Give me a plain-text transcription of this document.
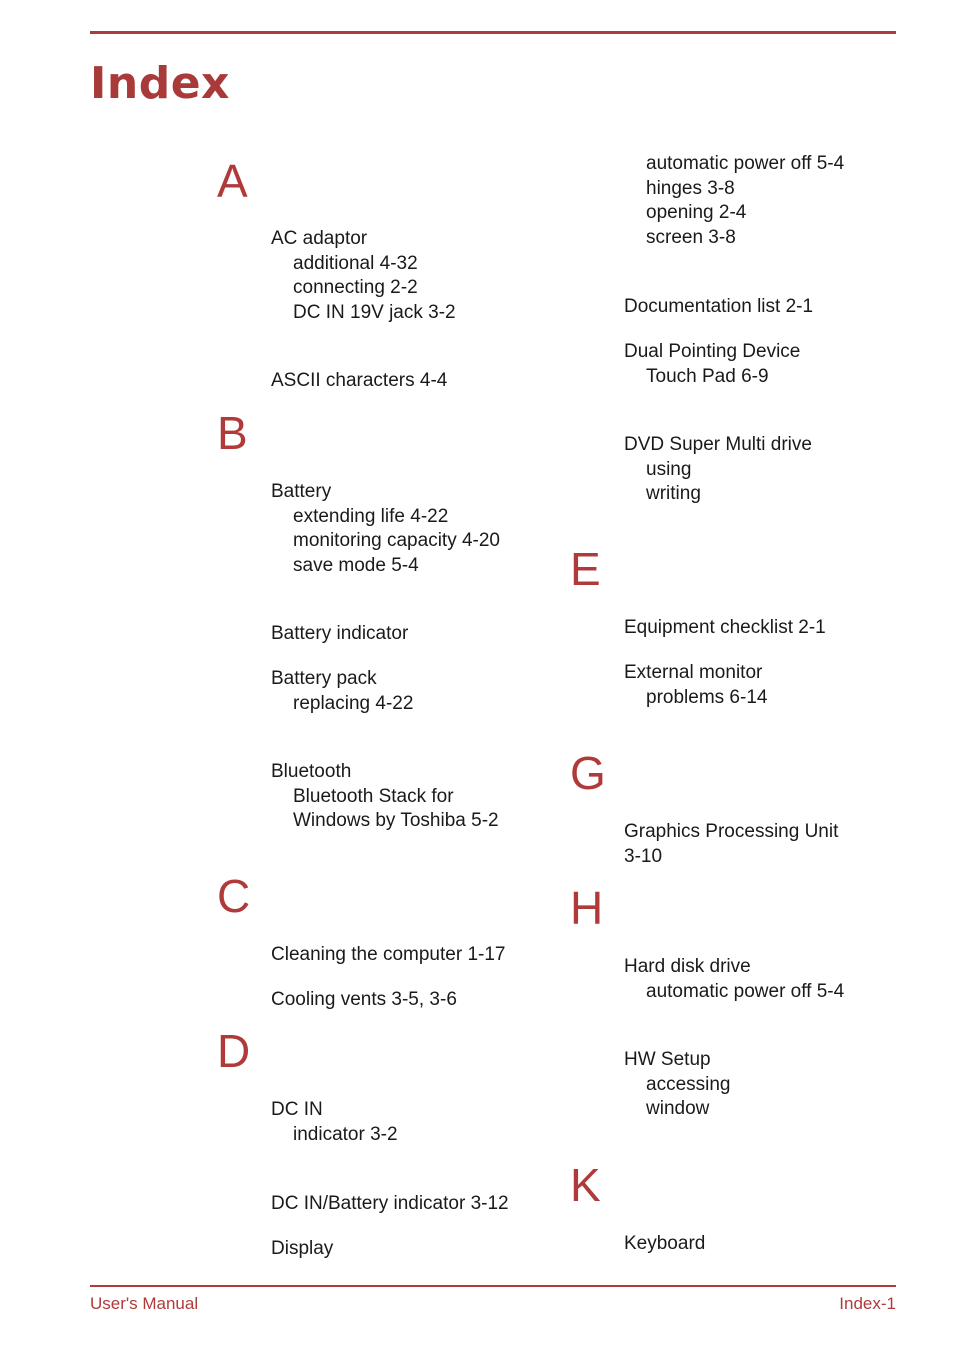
Index
A
AC adaptor
additional 4-32
connecting 2-2
DC IN 19V jack 3-2
ASCII characters 4-4
B
Battery
extending life 4-22
monitoring capacity 4-20
save mode 5-4
Battery indicator
Battery pack
replacing 4-22
Bluetooth
Bluetooth Stack for
Windows by Toshiba 5-2
C
Cleaning the computer 1-17
Cooling vents 3-5, 3-6
D
DC IN
indicator 3-2
DC IN/Battery indicator 3-12
Display
automatic power off 5-4
hinges 3-8
opening 2-4
screen 3-8
Documentation list 2-1
Dual Pointing Device
Touch Pad 6-9
DVD Super Multi drive
using
writing
E
Equipment checklist 2-1
External monitor
problems 6-14
G
Graphics Processing Unit
3-10
H
Hard disk drive
automatic power off 5-4
HW Setup
accessing
window
K
Keyboard
User's Manual	Index-1
